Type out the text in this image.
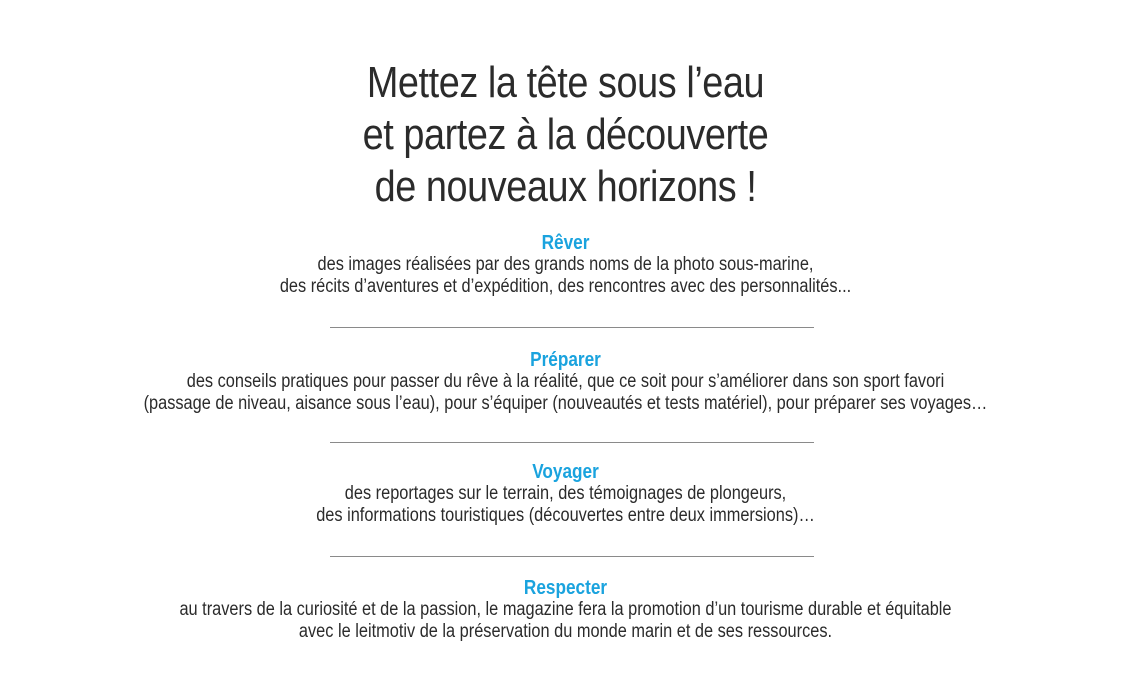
Mettez la tête sous l’eau
et partez à la découverte
de nouveaux horizons !
Rêver
des images réalisées par des grands noms de la photo sous-marine,
des récits d’aventures et d’expédition, des rencontres avec des personnalités...
Préparer
des conseils pratiques pour passer du rêve à la réalité, que ce soit pour s’améliorer dans son sport favori
(passage de niveau, aisance sous l’eau), pour s’équiper (nouveautés et tests matériel), pour préparer ses voyages…
Voyager
des reportages sur le terrain, des témoignages de plongeurs,
des informations touristiques (découvertes entre deux immersions)…
Respecter
au travers de la curiosité et de la passion, le magazine fera la promotion d’un tourisme durable et équitable
avec le leitmotiv de la préservation du monde marin et de ses ressources.
